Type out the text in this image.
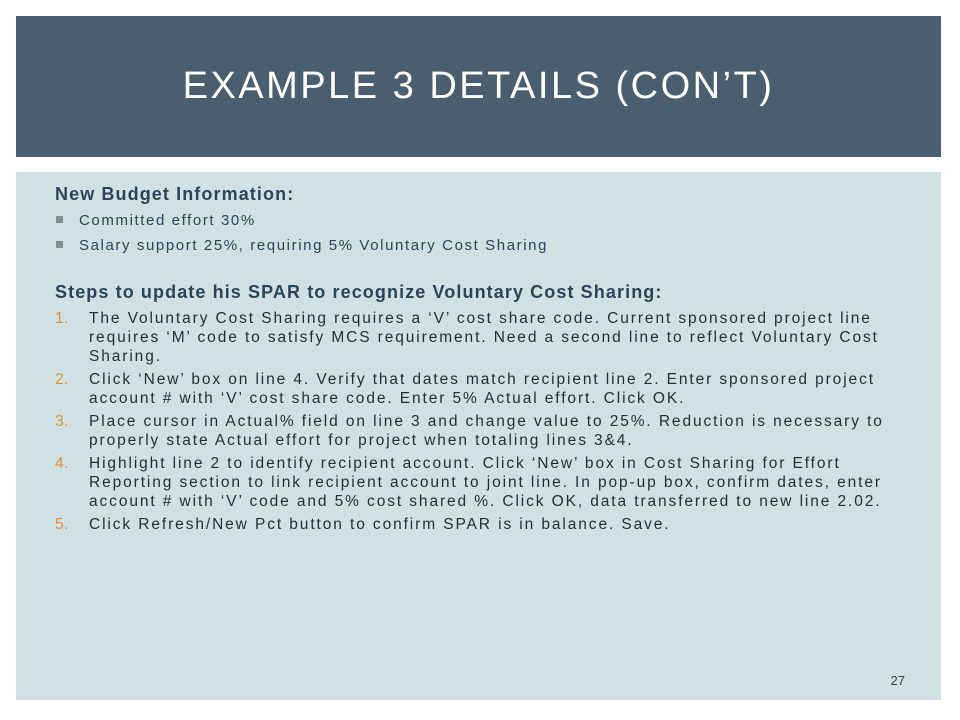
EXAMPLE 3 DETAILS (CON’T)

New Budget Information:

Committed effort 30%
Salary support 25%, requiring 5% Voluntary Cost Sharing

Steps to update his SPAR to recognize Voluntary Cost Sharing:

1. The Voluntary Cost Sharing requires a ‘V’ cost share code. Current sponsored project line requires ‘M’ code to satisfy MCS requirement. Need a second line to reflect Voluntary Cost Sharing.
2. Click ‘New’ box on line 4. Verify that dates match recipient line 2. Enter sponsored project account # with ‘V’ cost share code. Enter 5% Actual effort. Click OK.
3. Place cursor in Actual% field on line 3 and change value to 25%. Reduction is necessary to properly state Actual effort for project when totaling lines 3&4.
4. Highlight line 2 to identify recipient account. Click ‘New’ box in Cost Sharing for Effort Reporting section to link recipient account to joint line. In pop-up box, confirm dates, enter account # with ‘V’ code and 5% cost shared %. Click OK, data transferred to new line 2.02.
5. Click Refresh/New Pct button to confirm SPAR is in balance. Save.
27
